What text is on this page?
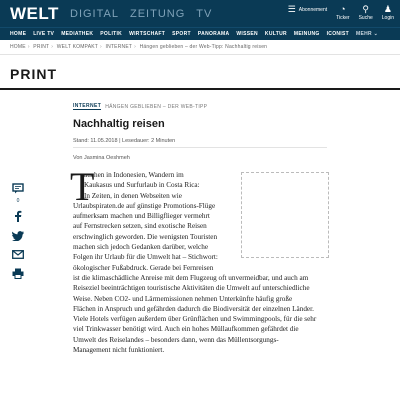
WELT DIGITAL ZEITUNG TV	☰ Abonnement ◔
Ticker
⚲
Suche
♟
Login
HOME LIVE TV MEDIATHEK POLITIK WIRTSCHAFT SPORT PANORAMA WISSEN KULTUR MEINUNG ICONIST MEHR ⌄
HOME › PRINT › WELT KOMPAKT › INTERNET › Hängen geblieben – der Web-Tipp: Nachhaltig reisen
PRINT
INTERNET HÄNGEN GEBLIEBEN – DER WEB-TIPP
Nachhaltig reisen
Stand: 11.05.2018 | Lesedauer: 2 Minuten
Von Jasmina Oeshmeh
0 T
auchen in Indonesien, Wandern im
Kaukasus und Surfurlaub in Costa Rica:
In Zeiten, in denen Webseiten wie
Urlaubspiraten.de auf günstige Promotions-Flüge
aufmerksam machen und Billigflieger vermehrt
auf Fernstrecken setzen, sind exotische Reisen
erschwinglich geworden. Die wenigsten Touristen
machen sich jedoch Gedanken darüber, welche
Folgen ihr Urlaub für die Umwelt hat – Stichwort:
ökologischer Fußabdruck. Gerade bei Fernreisen
ist die klimaschädliche Anreise mit dem Flugzeug oft unvermeidbar, und auch am
Reiseziel beeinträchtigen touristische Aktivitäten die Umwelt auf unterschiedliche
Weise. Neben CO2- und Lärmemissionen nehmen Unterkünfte häufig große
Flächen in Anspruch und gefährden dadurch die Biodiversität der einzelnen Länder.
Viele Hotels verfügen außerdem über Grünflächen und Swimmingpools, für die sehr
viel Trinkwasser benötigt wird. Auch ein hohes Müllaufkommen gefährdet die
Umwelt des Reiselandes – besonders dann, wenn das Müllentsorgungs-
Management nicht funktioniert.
